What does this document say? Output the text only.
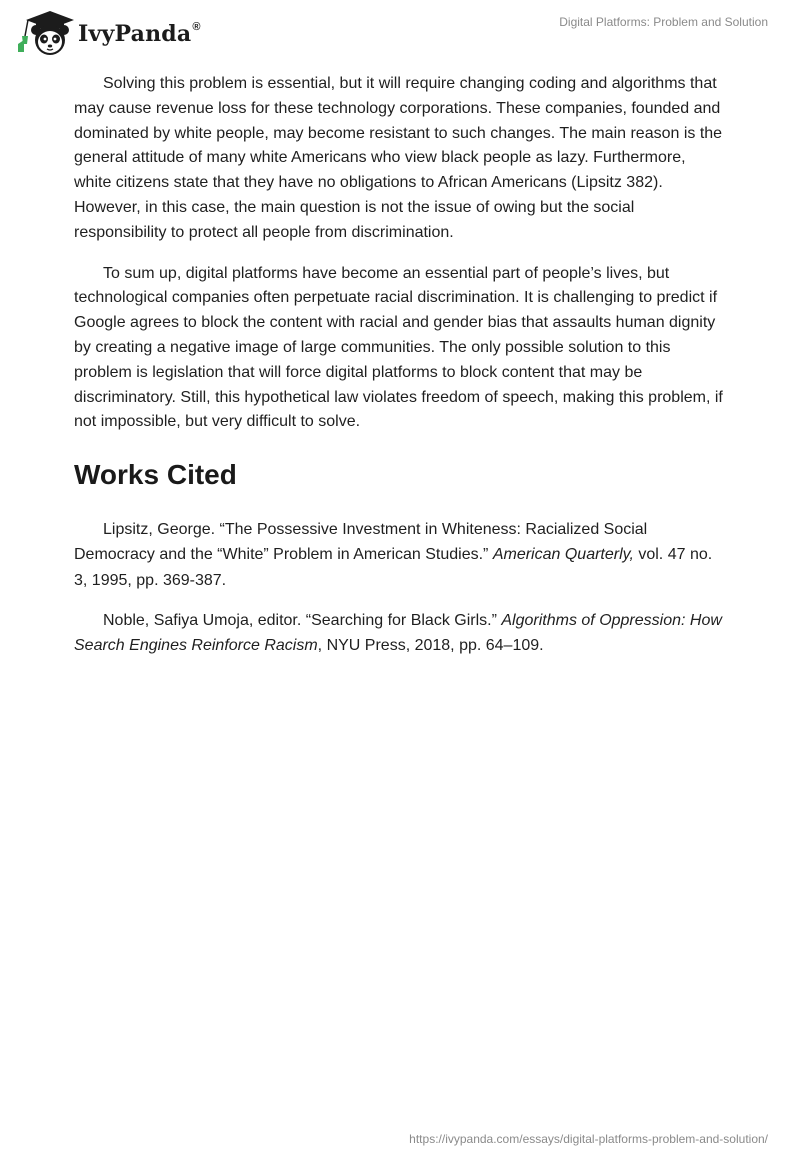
IvyPanda®	Digital Platforms: Problem and Solution

Solving this problem is essential, but it will require changing coding and algorithms that may cause revenue loss for these technology corporations. These companies, founded and dominated by white people, may become resistant to such changes. The main reason is the general attitude of many white Americans who view black people as lazy. Furthermore, white citizens state that they have no obligations to African Americans (Lipsitz 382). However, in this case, the main question is not the issue of owing but the social responsibility to protect all people from discrimination.

To sum up, digital platforms have become an essential part of people’s lives, but technological companies often perpetuate racial discrimination. It is challenging to predict if Google agrees to block the content with racial and gender bias that assaults human dignity by creating a negative image of large communities. The only possible solution to this problem is legislation that will force digital platforms to block content that may be discriminatory. Still, this hypothetical law violates freedom of speech, making this problem, if not impossible, but very difficult to solve.

Works Cited

Lipsitz, George. “The Possessive Investment in Whiteness: Racialized Social Democracy and the “White” Problem in American Studies.” American Quarterly, vol. 47 no. 3, 1995, pp. 369-387.

Noble, Safiya Umoja, editor. “Searching for Black Girls.” Algorithms of Oppression: How Search Engines Reinforce Racism, NYU Press, 2018, pp. 64–109.

https://ivypanda.com/essays/digital-platforms-problem-and-solution/
